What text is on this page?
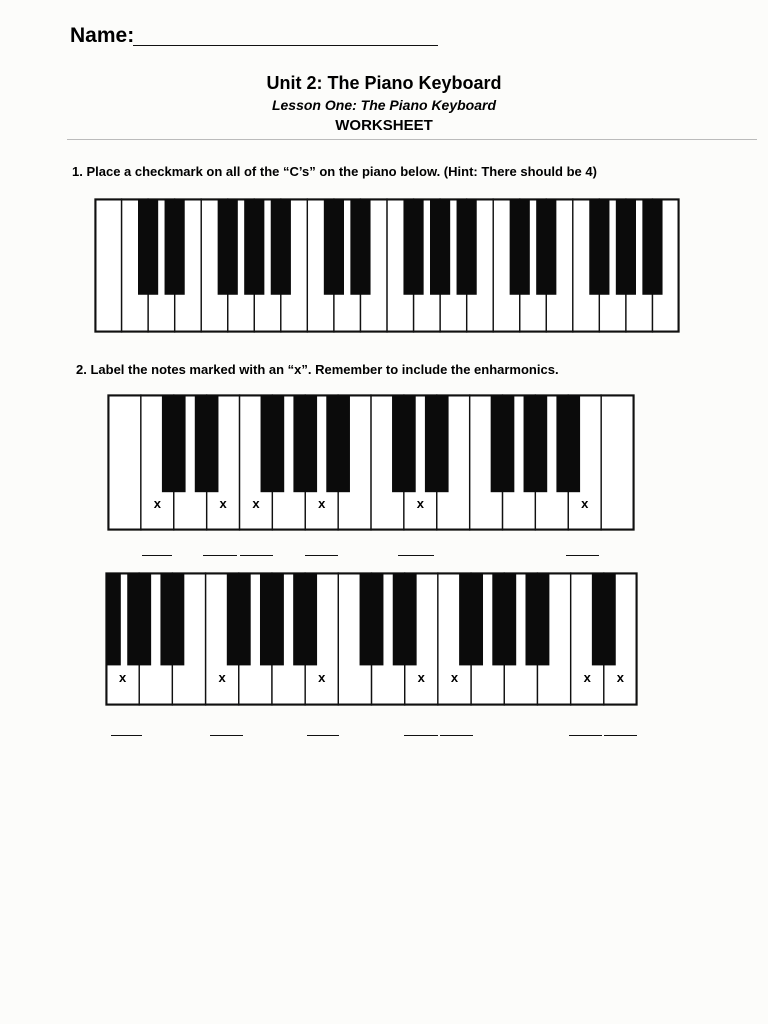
Name:
Unit 2: The Piano Keyboard
Lesson One: The Piano Keyboard
WORKSHEET
1. Place a checkmark on all of the “C’s” on the piano below. (Hint: There should be 4)
2. Label the notes marked with an “x”. Remember to include the enharmonics.
x	x x	x	x	x
x	x	x	x x	x x
